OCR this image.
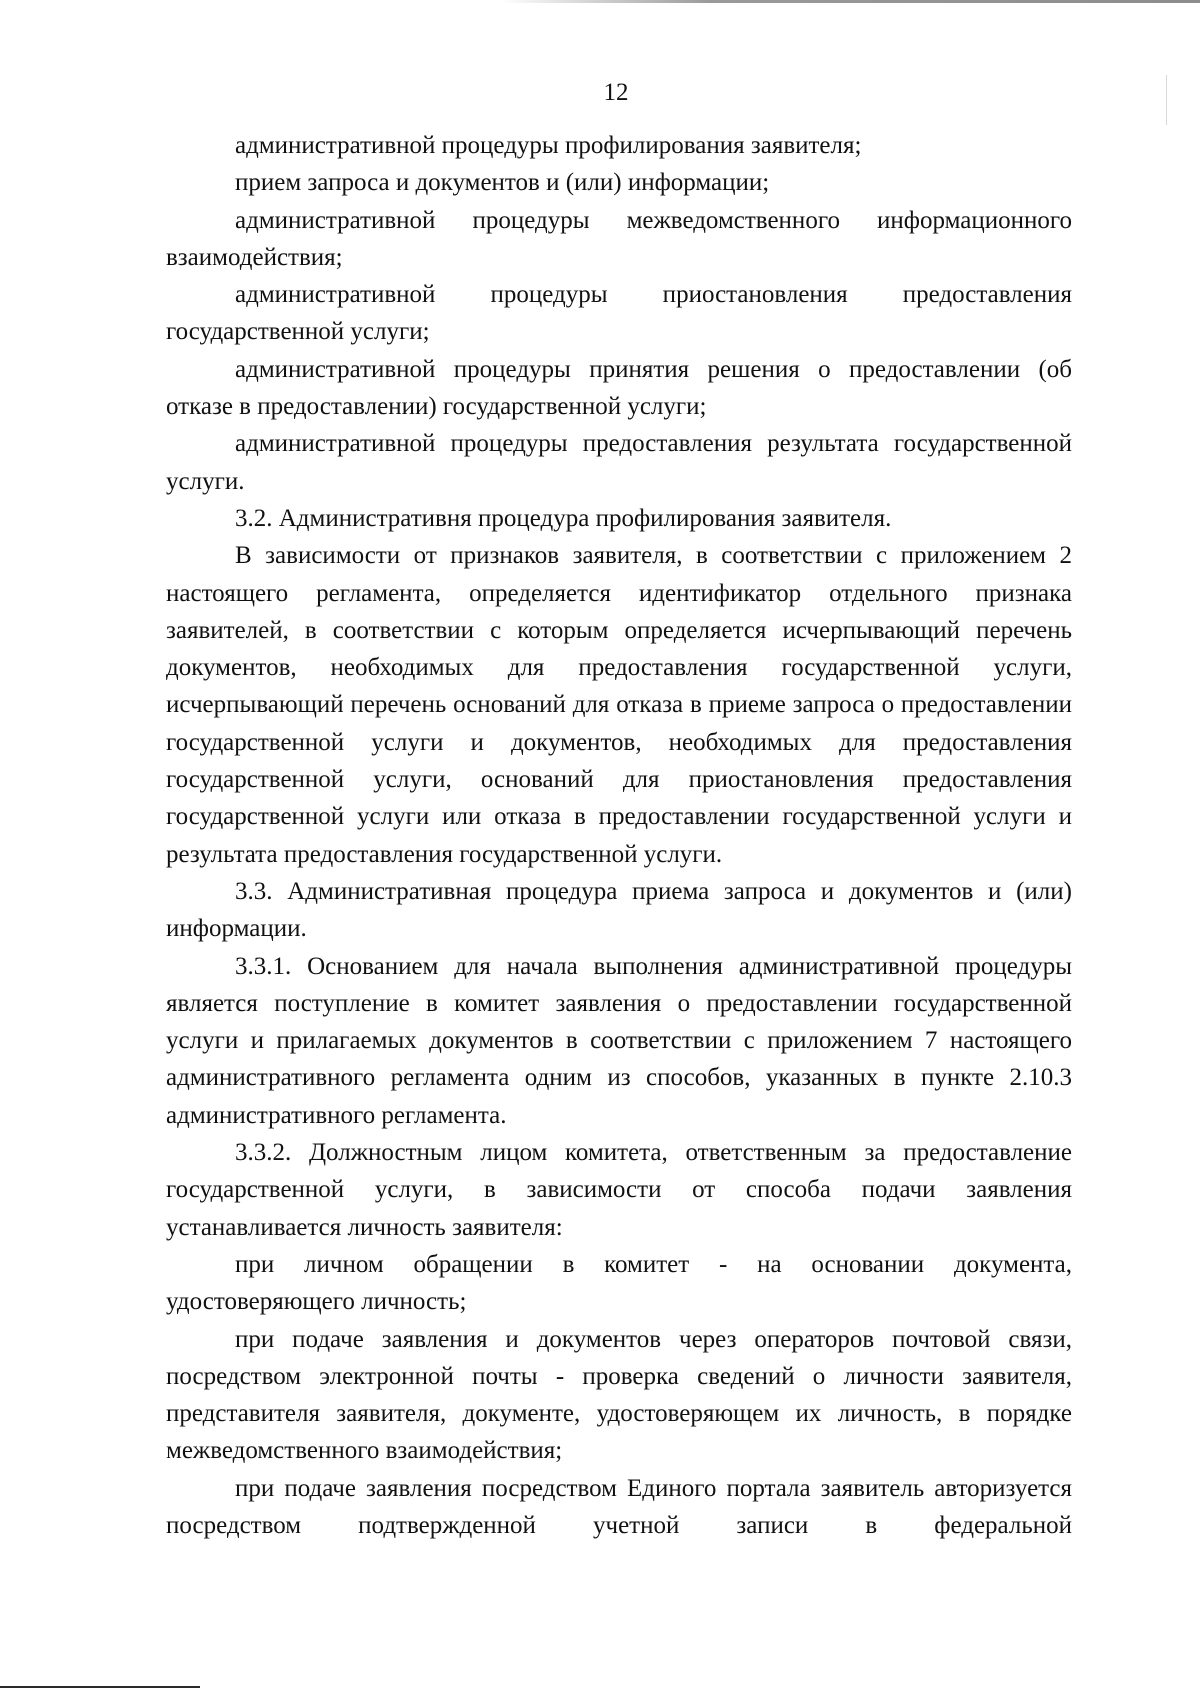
12

административной процедуры профилирования заявителя;

прием запроса и документов и (или) информации;

административной процедуры межведомственного информационного взаимодействия;

административной процедуры приостановления предоставления государственной услуги;

административной процедуры принятия решения о предоставлении (об отказе в предоставлении) государственной услуги;

административной процедуры предоставления результата государственной услуги.

3.2. Административня процедура профилирования заявителя.

В зависимости от признаков заявителя, в соответствии с приложением 2 настоящего регламента, определяется идентификатор отдельного признака заявителей, в соответствии с которым определяется исчерпывающий перечень документов, необходимых для предоставления государственной услуги, исчерпывающий перечень оснований для отказа в приеме запроса о предоставлении государственной услуги и документов, необходимых для предоставления государственной услуги, оснований для приостановления предоставления государственной услуги или отказа в предоставлении государственной услуги и результата предоставления государственной услуги.

3.3. Административная процедура приема запроса и документов и (или) информации.

3.3.1. Основанием для начала выполнения административной процедуры является поступление в комитет заявления о предоставлении государственной услуги и прилагаемых документов в соответствии с приложением 7 настоящего административного регламента одним из способов, указанных в пункте 2.10.3 административного регламента.

3.3.2. Должностным лицом комитета, ответственным за предоставление государственной услуги, в зависимости от способа подачи заявления устанавливается личность заявителя:

при личном обращении в комитет - на основании документа, удостоверяющего личность;

при подаче заявления и документов через операторов почтовой связи, посредством электронной почты - проверка сведений о личности заявителя, представителя заявителя, документе, удостоверяющем их личность, в порядке межведомственного взаимодействия;

при подаче заявления посредством Единого портала заявитель авторизуется посредством подтвержденной учетной записи в федеральной
